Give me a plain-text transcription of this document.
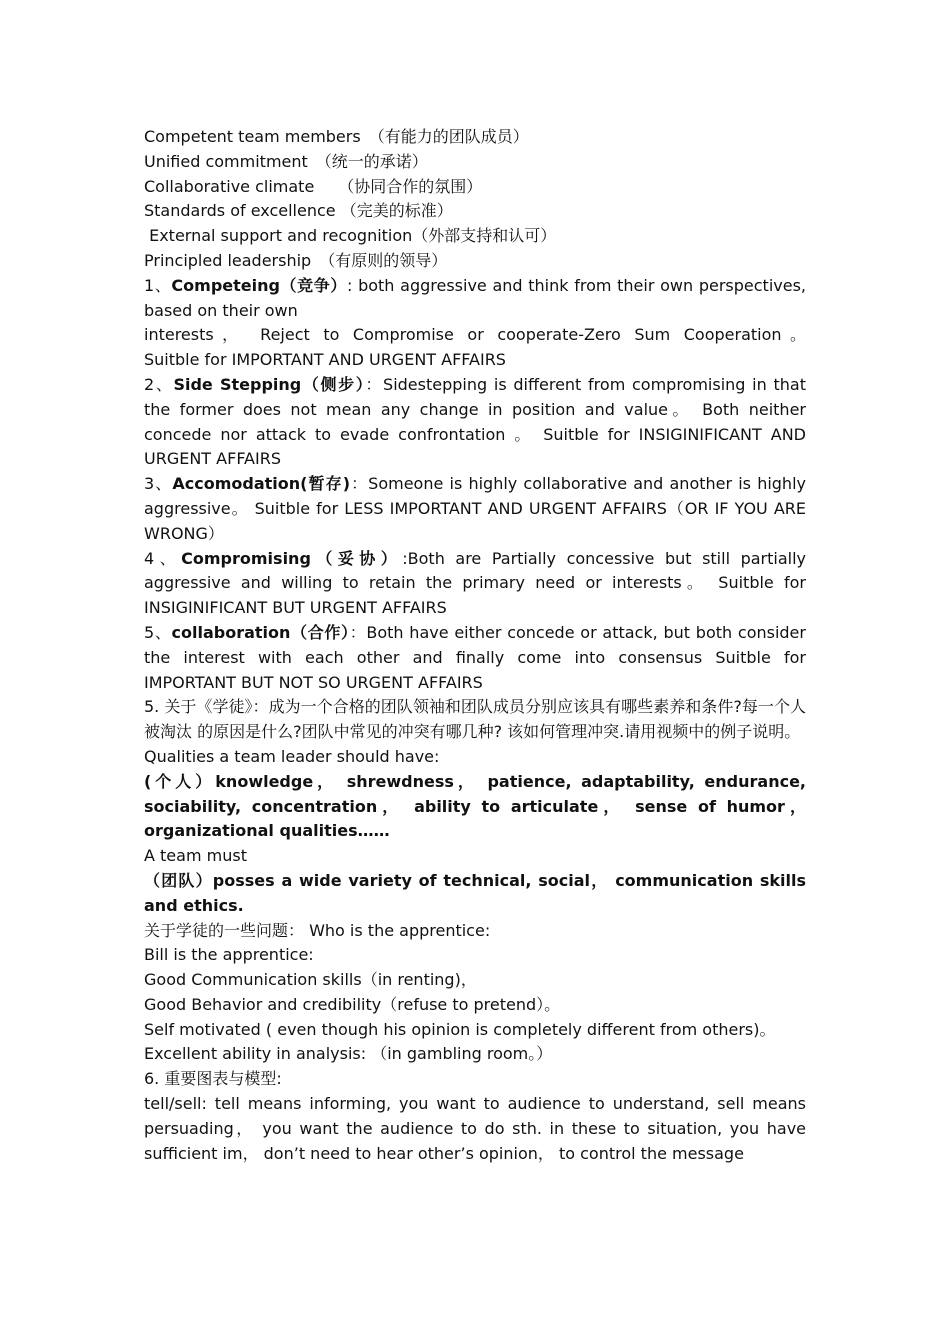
Competent team members　（有能力的团队成员）

Unified commitment　（统一的承诺）

Collaborative climate　　（协同合作的氛围）

Standards of excellence （完美的标准）

External support and recognition（外部支持和认可）

Principled leadership　（有原则的领导）

1、Competeing（竞争）: both aggressive and think from their own perspectives, based on their own
interests， Reject to Compromise or cooperate-Zero Sum Cooperation。
Suitble for IMPORTANT AND URGENT AFFAIRS

2、Side Stepping（侧步）：Sidestepping is different from compromising in that the former does not mean any change in position and value。 Both neither concede nor attack to evade confrontation 。 Suitble for INSIGINIFICANT AND URGENT AFFAIRS

3、Accomodation(暂存)：Someone is highly collaborative and another is highly aggressive。 Suitble for LESS IMPORTANT AND URGENT AFFAIRS（OR IF YOU ARE WRONG）

4、Compromising（妥协）:Both are Partially concessive but still partially aggressive and willing to retain the primary need or interests。 Suitble for INSIGINIFICANT BUT URGENT AFFAIRS

5、collaboration（合作）：Both have either concede or attack, but both consider the interest with each other and finally come into consensus Suitble for IMPORTANT BUT NOT SO URGENT AFFAIRS

5. 关于《学徒》：成为一个合格的团队领袖和团队成员分别应该具有哪些素养和条件?每一个人被淘汰 的原因是什么?团队中常见的冲突有哪几种? 该如何管理冲突.请用视频中的例子说明。

Qualities a team leader should have:

(个人）knowledge， shrewdness， patience, adaptability, endurance, sociability, concentration， ability to articulate， sense of humor， organizational qualities……

A team must

（团队）posses a wide variety of technical, social， communication skills and ethics.

关于学徒的一些问题： Who is the apprentice:

Bill is the apprentice:

Good Communication skills（in renting)，

Good Behavior and credibility（refuse to pretend）。

Self motivated ( even though his opinion is completely different from others)。

Excellent ability in analysis: （in gambling room。）

6. 重要图表与模型:

tell/sell: tell means informing, you want to audience to understand, sell means persuading， you want the audience to do sth. in these to situation, you have sufficient im， don’t need to hear other’s opinion， to control the message
